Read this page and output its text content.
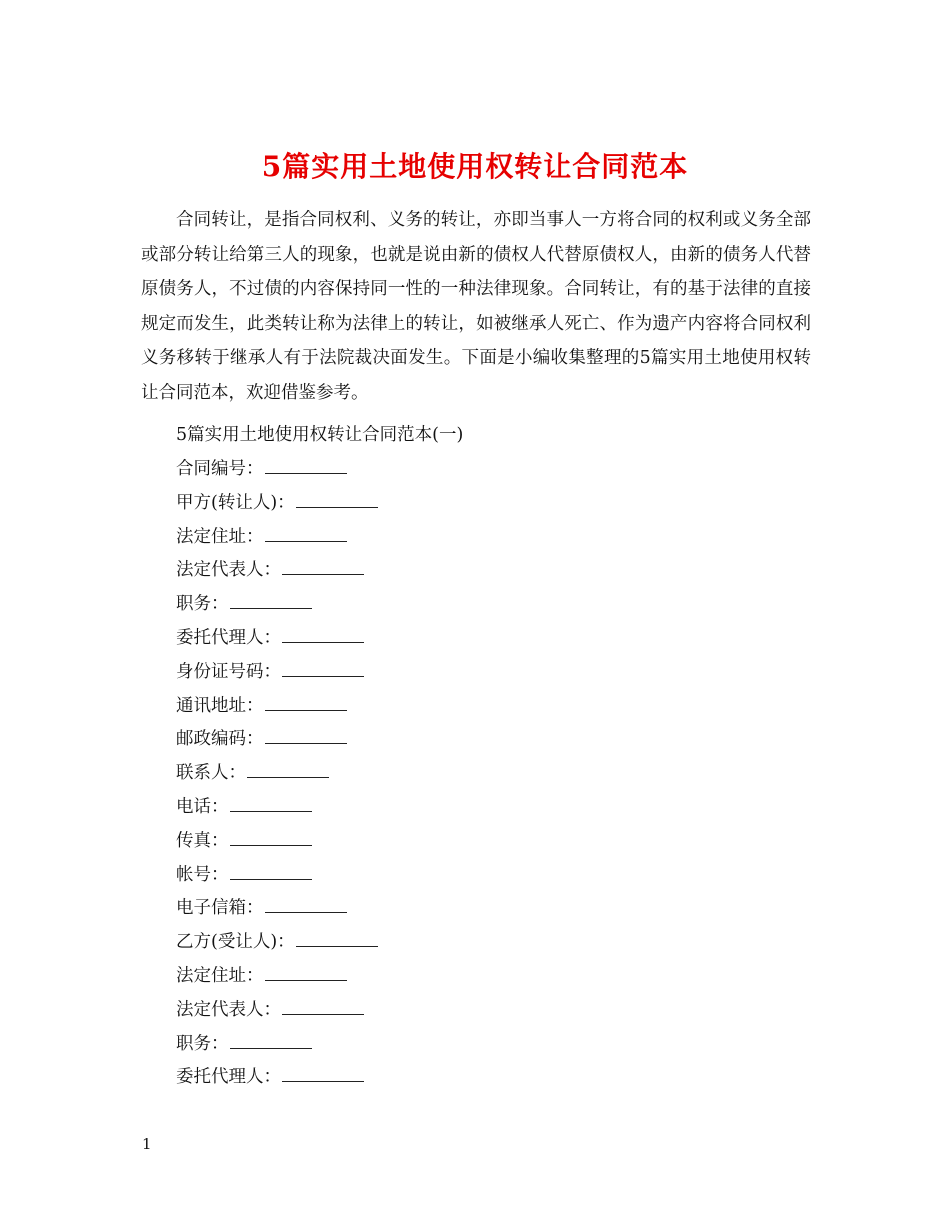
5篇实用土地使用权转让合同范本

合同转让，是指合同权利、义务的转让，亦即当事人一方将合同的权利或义务全部或部分转让给第三人的现象，也就是说由新的债权人代替原债权人，由新的债务人代替原债务人，不过债的内容保持同一性的一种法律现象。合同转让，有的基于法律的直接规定而发生，此类转让称为法律上的转让，如被继承人死亡、作为遗产内容将合同权利义务移转于继承人有于法院裁决面发生。下面是小编收集整理的5篇实用土地使用权转让合同范本，欢迎借鉴参考。

5篇实用土地使用权转让合同范本(一)
合同编号：
甲方(转让人)：
法定住址：
法定代表人：
职务：
委托代理人：
身份证号码：
通讯地址：
邮政编码：
联系人：
电话：
传真：
帐号：
电子信箱：
乙方(受让人)：
法定住址：
法定代表人：
职务：
委托代理人：
1
